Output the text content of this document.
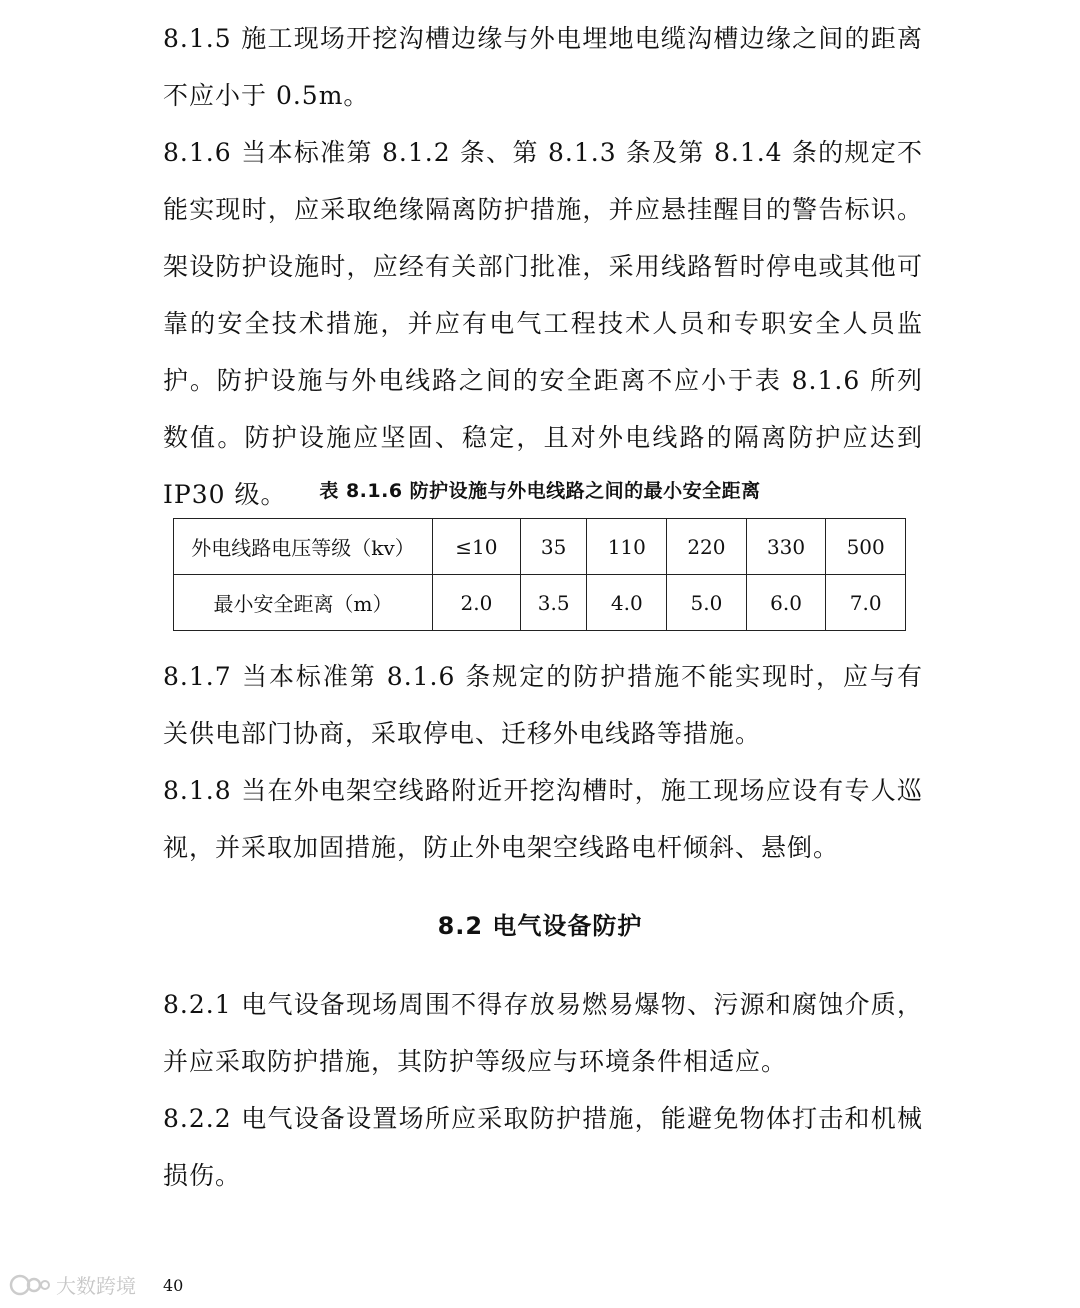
8.1.5 施工现场开挖沟槽边缘与外电埋地电缆沟槽边缘之间的距离不应小于 0.5m。

8.1.6 当本标准第 8.1.2 条、第 8.1.3 条及第 8.1.4 条的规定不能实现时，应采取绝缘隔离防护措施，并应悬挂醒目的警告标识。架设防护设施时，应经有关部门批准，采用线路暂时停电或其他可靠的安全技术措施，并应有电气工程技术人员和专职安全人员监护。防护设施与外电线路之间的安全距离不应小于表 8.1.6 所列数值。防护设施应坚固、稳定，且对外电线路的隔离防护应达到 IP30 级。	表 8.1.6 防护设施与外电线路之间的最小安全距离
外电线路电压等级（kv）	≤10	35	110	220	330	500
最小安全距离（m）	2.0	3.5	4.0	5.0	6.0	7.0

8.1.7 当本标准第 8.1.6 条规定的防护措施不能实现时，应与有关供电部门协商，采取停电、迁移外电线路等措施。

8.1.8 当在外电架空线路附近开挖沟槽时，施工现场应设有专人巡视，并采取加固措施，防止外电架空线路电杆倾斜、悬倒。

8.2 电气设备防护

8.2.1 电气设备现场周围不得存放易燃易爆物、污源和腐蚀介质，并应采取防护措施，其防护等级应与环境条件相适应。

8.2.2 电气设备设置场所应采取防护措施，能避免物体打击和机械损伤。

大数跨境 40
